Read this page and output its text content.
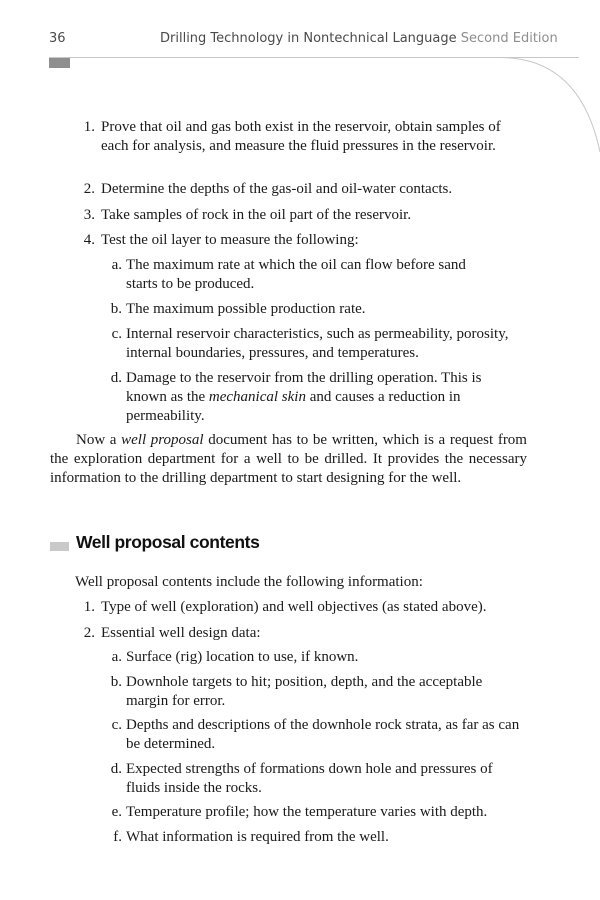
36	Drilling Technology in Nontechnical Language Second Edition
1. Prove that oil and gas both exist in the reservoir, obtain samples of each for analysis, and measure the fluid pressures in the reservoir.
2. Determine the depths of the gas-oil and oil-water contacts.
3. Take samples of rock in the oil part of the reservoir.
4. Test the oil layer to measure the following:
a. The maximum rate at which the oil can flow before sand starts to be produced.
b. The maximum possible production rate.
c. Internal reservoir characteristics, such as permeability, porosity, internal boundaries, pressures, and temperatures.
d. Damage to the reservoir from the drilling operation. This is known as the mechanical skin and causes a reduction in permeability.
Now a well proposal document has to be written, which is a request from the exploration department for a well to be drilled. It provides the necessary information to the drilling department to start designing for the well.
Well proposal contents
Well proposal contents include the following information:
1. Type of well (exploration) and well objectives (as stated above).
2. Essential well design data:
a. Surface (rig) location to use, if known.
b. Downhole targets to hit; position, depth, and the acceptable margin for error.
c. Depths and descriptions of the downhole rock strata, as far as can be determined.
d. Expected strengths of formations down hole and pressures of fluids inside the rocks.
e. Temperature profile; how the temperature varies with depth.
f. What information is required from the well.
